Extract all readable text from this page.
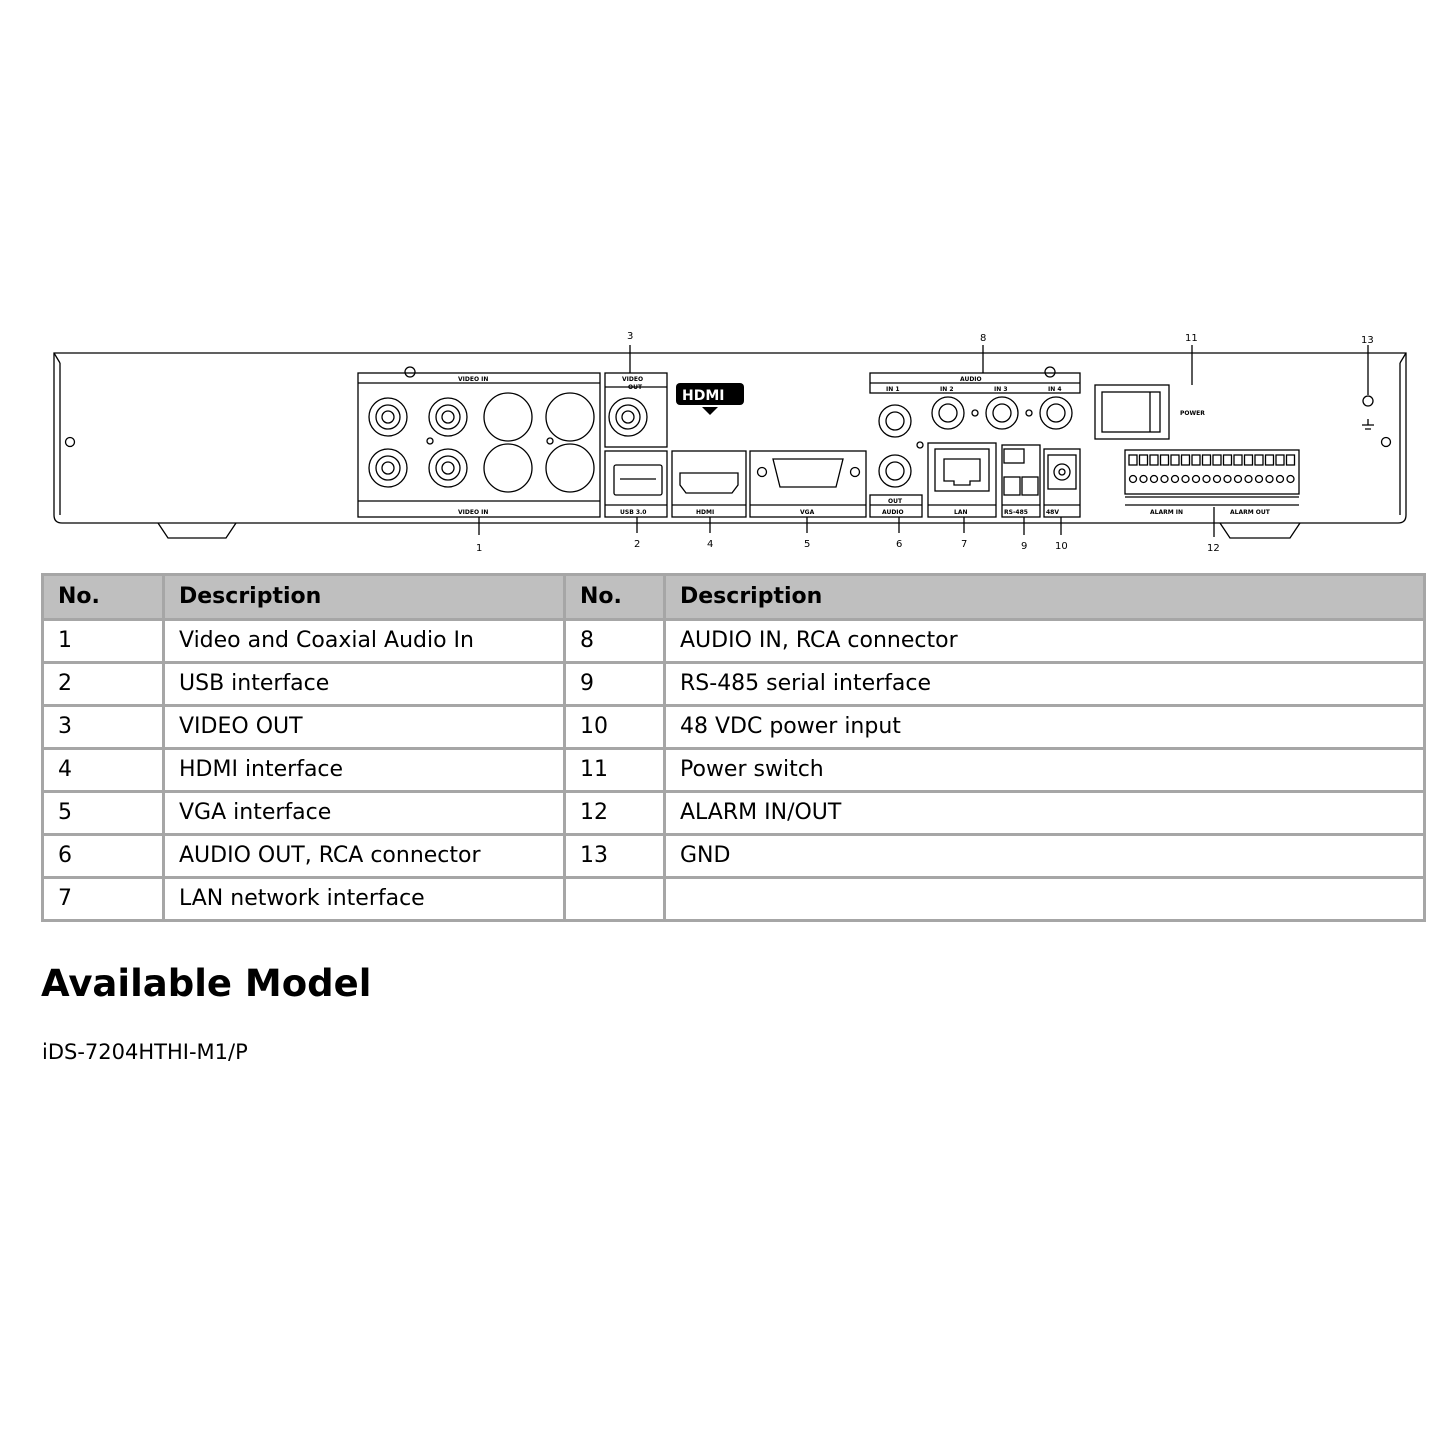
HDMI
VIDEO IN
VIDEO IN
VIDEO
OUT
USB 3.0	HDMI	VGA
AUDIO
IN 1	IN 2	IN 3	IN 4
OUT
AUDIO	LAN	RS-485	48V
POWER
ALARM IN	ALARM OUT
1	2
3
4	5	6	7
8
9	10
11
12
13
No.	Description	No.	Description
1	Video and Coaxial Audio In	8	AUDIO IN, RCA connector
2	USB interface	9	RS-485 serial interface
3	VIDEO OUT	10	48 VDC power input
4	HDMI interface	11	Power switch
5	VGA interface	12	ALARM IN/OUT
6	AUDIO OUT, RCA connector	13	GND
7	LAN network interface		
Available Model
iDS-7204HTHI-M1/P
